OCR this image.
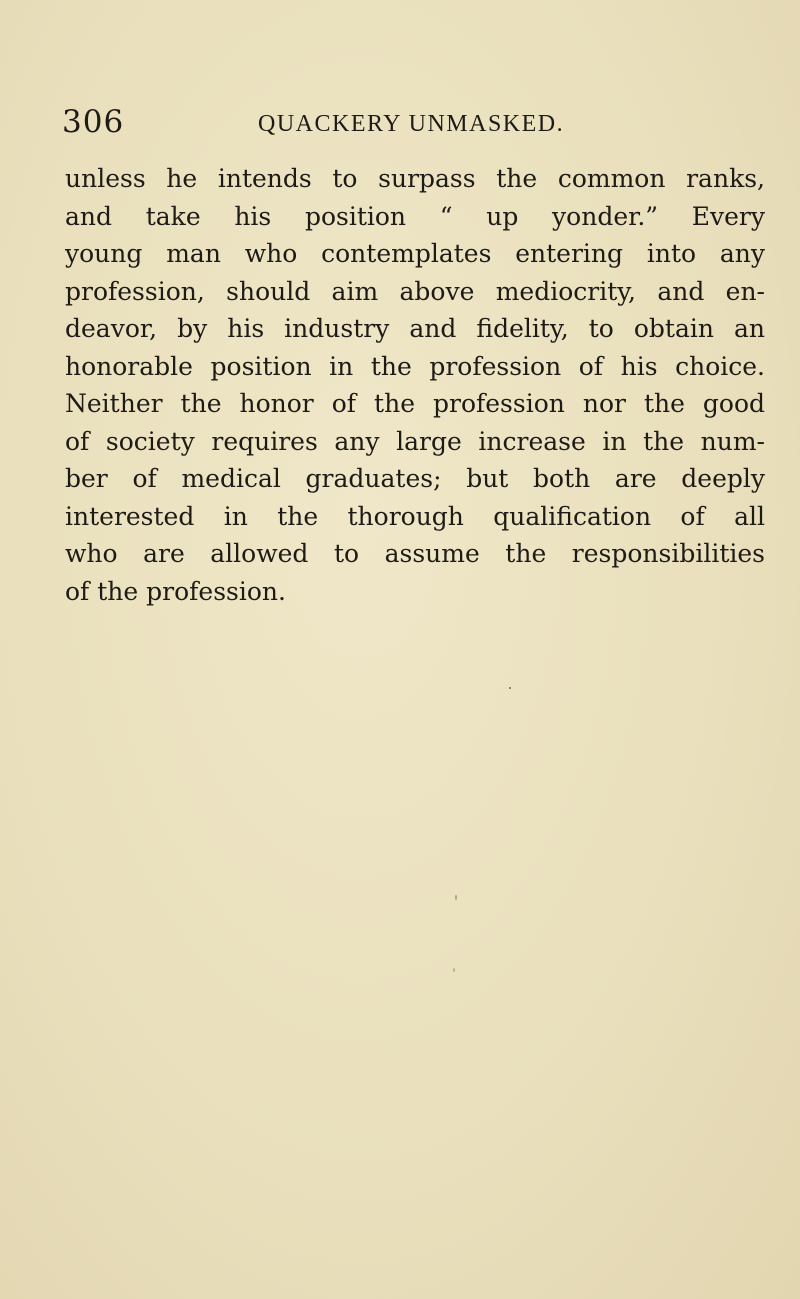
306	QUACKERY UNMASKED.
unless he intends to surpass the common ranks,
and take his position “ up yonder.” Every
young man who contemplates entering into any
profession, should aim above mediocrity, and en-
deavor, by his industry and fidelity, to obtain an
honorable position in the profession of his choice.
Neither the honor of the profession nor the good
of society requires any large increase in the num-
ber of medical graduates; but both are deeply
interested in the thorough qualification of all
who are allowed to assume the responsibilities
of the profession.
